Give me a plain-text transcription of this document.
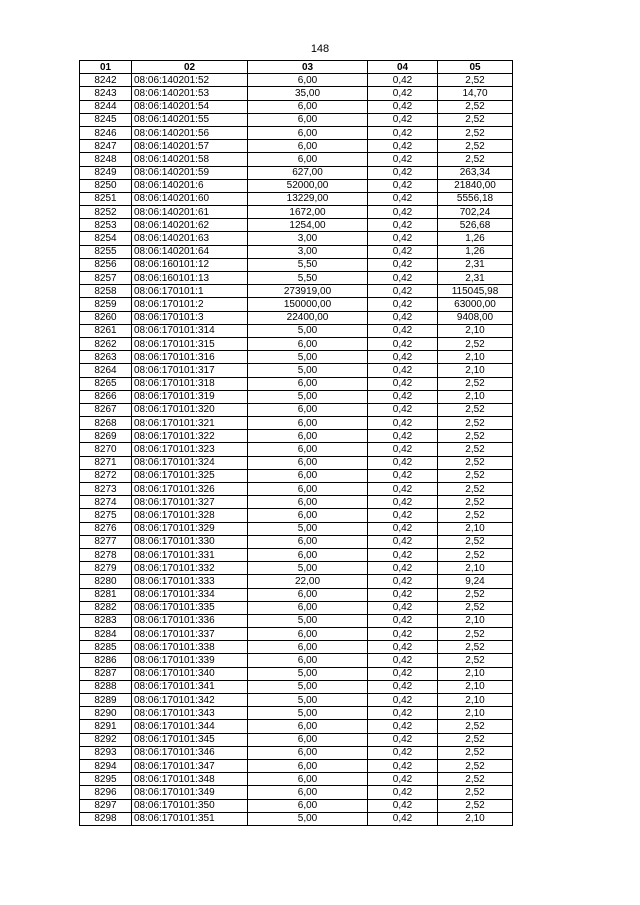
148
01	02	03	04	05
8242	08:06:140201:52	6,00	0,42	2,52
8243	08:06:140201:53	35,00	0,42	14,70
8244	08:06:140201:54	6,00	0,42	2,52
8245	08:06:140201:55	6,00	0,42	2,52
8246	08:06:140201:56	6,00	0,42	2,52
8247	08:06:140201:57	6,00	0,42	2,52
8248	08:06:140201:58	6,00	0,42	2,52
8249	08:06:140201:59	627,00	0,42	263,34
8250	08:06:140201:6	52000,00	0,42	21840,00
8251	08:06:140201:60	13229,00	0,42	5556,18
8252	08:06:140201:61	1672,00	0,42	702,24
8253	08:06:140201:62	1254,00	0,42	526,68
8254	08:06:140201:63	3,00	0,42	1,26
8255	08:06:140201:64	3,00	0,42	1,26
8256	08:06:160101:12	5,50	0,42	2,31
8257	08:06:160101:13	5,50	0,42	2,31
8258	08:06:170101:1	273919,00	0,42	115045,98
8259	08:06:170101:2	150000,00	0,42	63000,00
8260	08:06:170101:3	22400,00	0,42	9408,00
8261	08:06:170101:314	5,00	0,42	2,10
8262	08:06:170101:315	6,00	0,42	2,52
8263	08:06:170101:316	5,00	0,42	2,10
8264	08:06:170101:317	5,00	0,42	2,10
8265	08:06:170101:318	6,00	0,42	2,52
8266	08:06:170101:319	5,00	0,42	2,10
8267	08:06:170101:320	6,00	0,42	2,52
8268	08:06:170101:321	6,00	0,42	2,52
8269	08:06:170101:322	6,00	0,42	2,52
8270	08:06:170101:323	6,00	0,42	2,52
8271	08:06:170101:324	6,00	0,42	2,52
8272	08:06:170101:325	6,00	0,42	2,52
8273	08:06:170101:326	6,00	0,42	2,52
8274	08:06:170101:327	6,00	0,42	2,52
8275	08:06:170101:328	6,00	0,42	2,52
8276	08:06:170101:329	5,00	0,42	2,10
8277	08:06:170101:330	6,00	0,42	2,52
8278	08:06:170101:331	6,00	0,42	2,52
8279	08:06:170101:332	5,00	0,42	2,10
8280	08:06:170101:333	22,00	0,42	9,24
8281	08:06:170101:334	6,00	0,42	2,52
8282	08:06:170101:335	6,00	0,42	2,52
8283	08:06:170101:336	5,00	0,42	2,10
8284	08:06:170101:337	6,00	0,42	2,52
8285	08:06:170101:338	6,00	0,42	2,52
8286	08:06:170101:339	6,00	0,42	2,52
8287	08:06:170101:340	5,00	0,42	2,10
8288	08:06:170101:341	5,00	0,42	2,10
8289	08:06:170101:342	5,00	0,42	2,10
8290	08:06:170101:343	5,00	0,42	2,10
8291	08:06:170101:344	6,00	0,42	2,52
8292	08:06:170101:345	6,00	0,42	2,52
8293	08:06:170101:346	6,00	0,42	2,52
8294	08:06:170101:347	6,00	0,42	2,52
8295	08:06:170101:348	6,00	0,42	2,52
8296	08:06:170101:349	6,00	0,42	2,52
8297	08:06:170101:350	6,00	0,42	2,52
8298	08:06:170101:351	5,00	0,42	2,10
